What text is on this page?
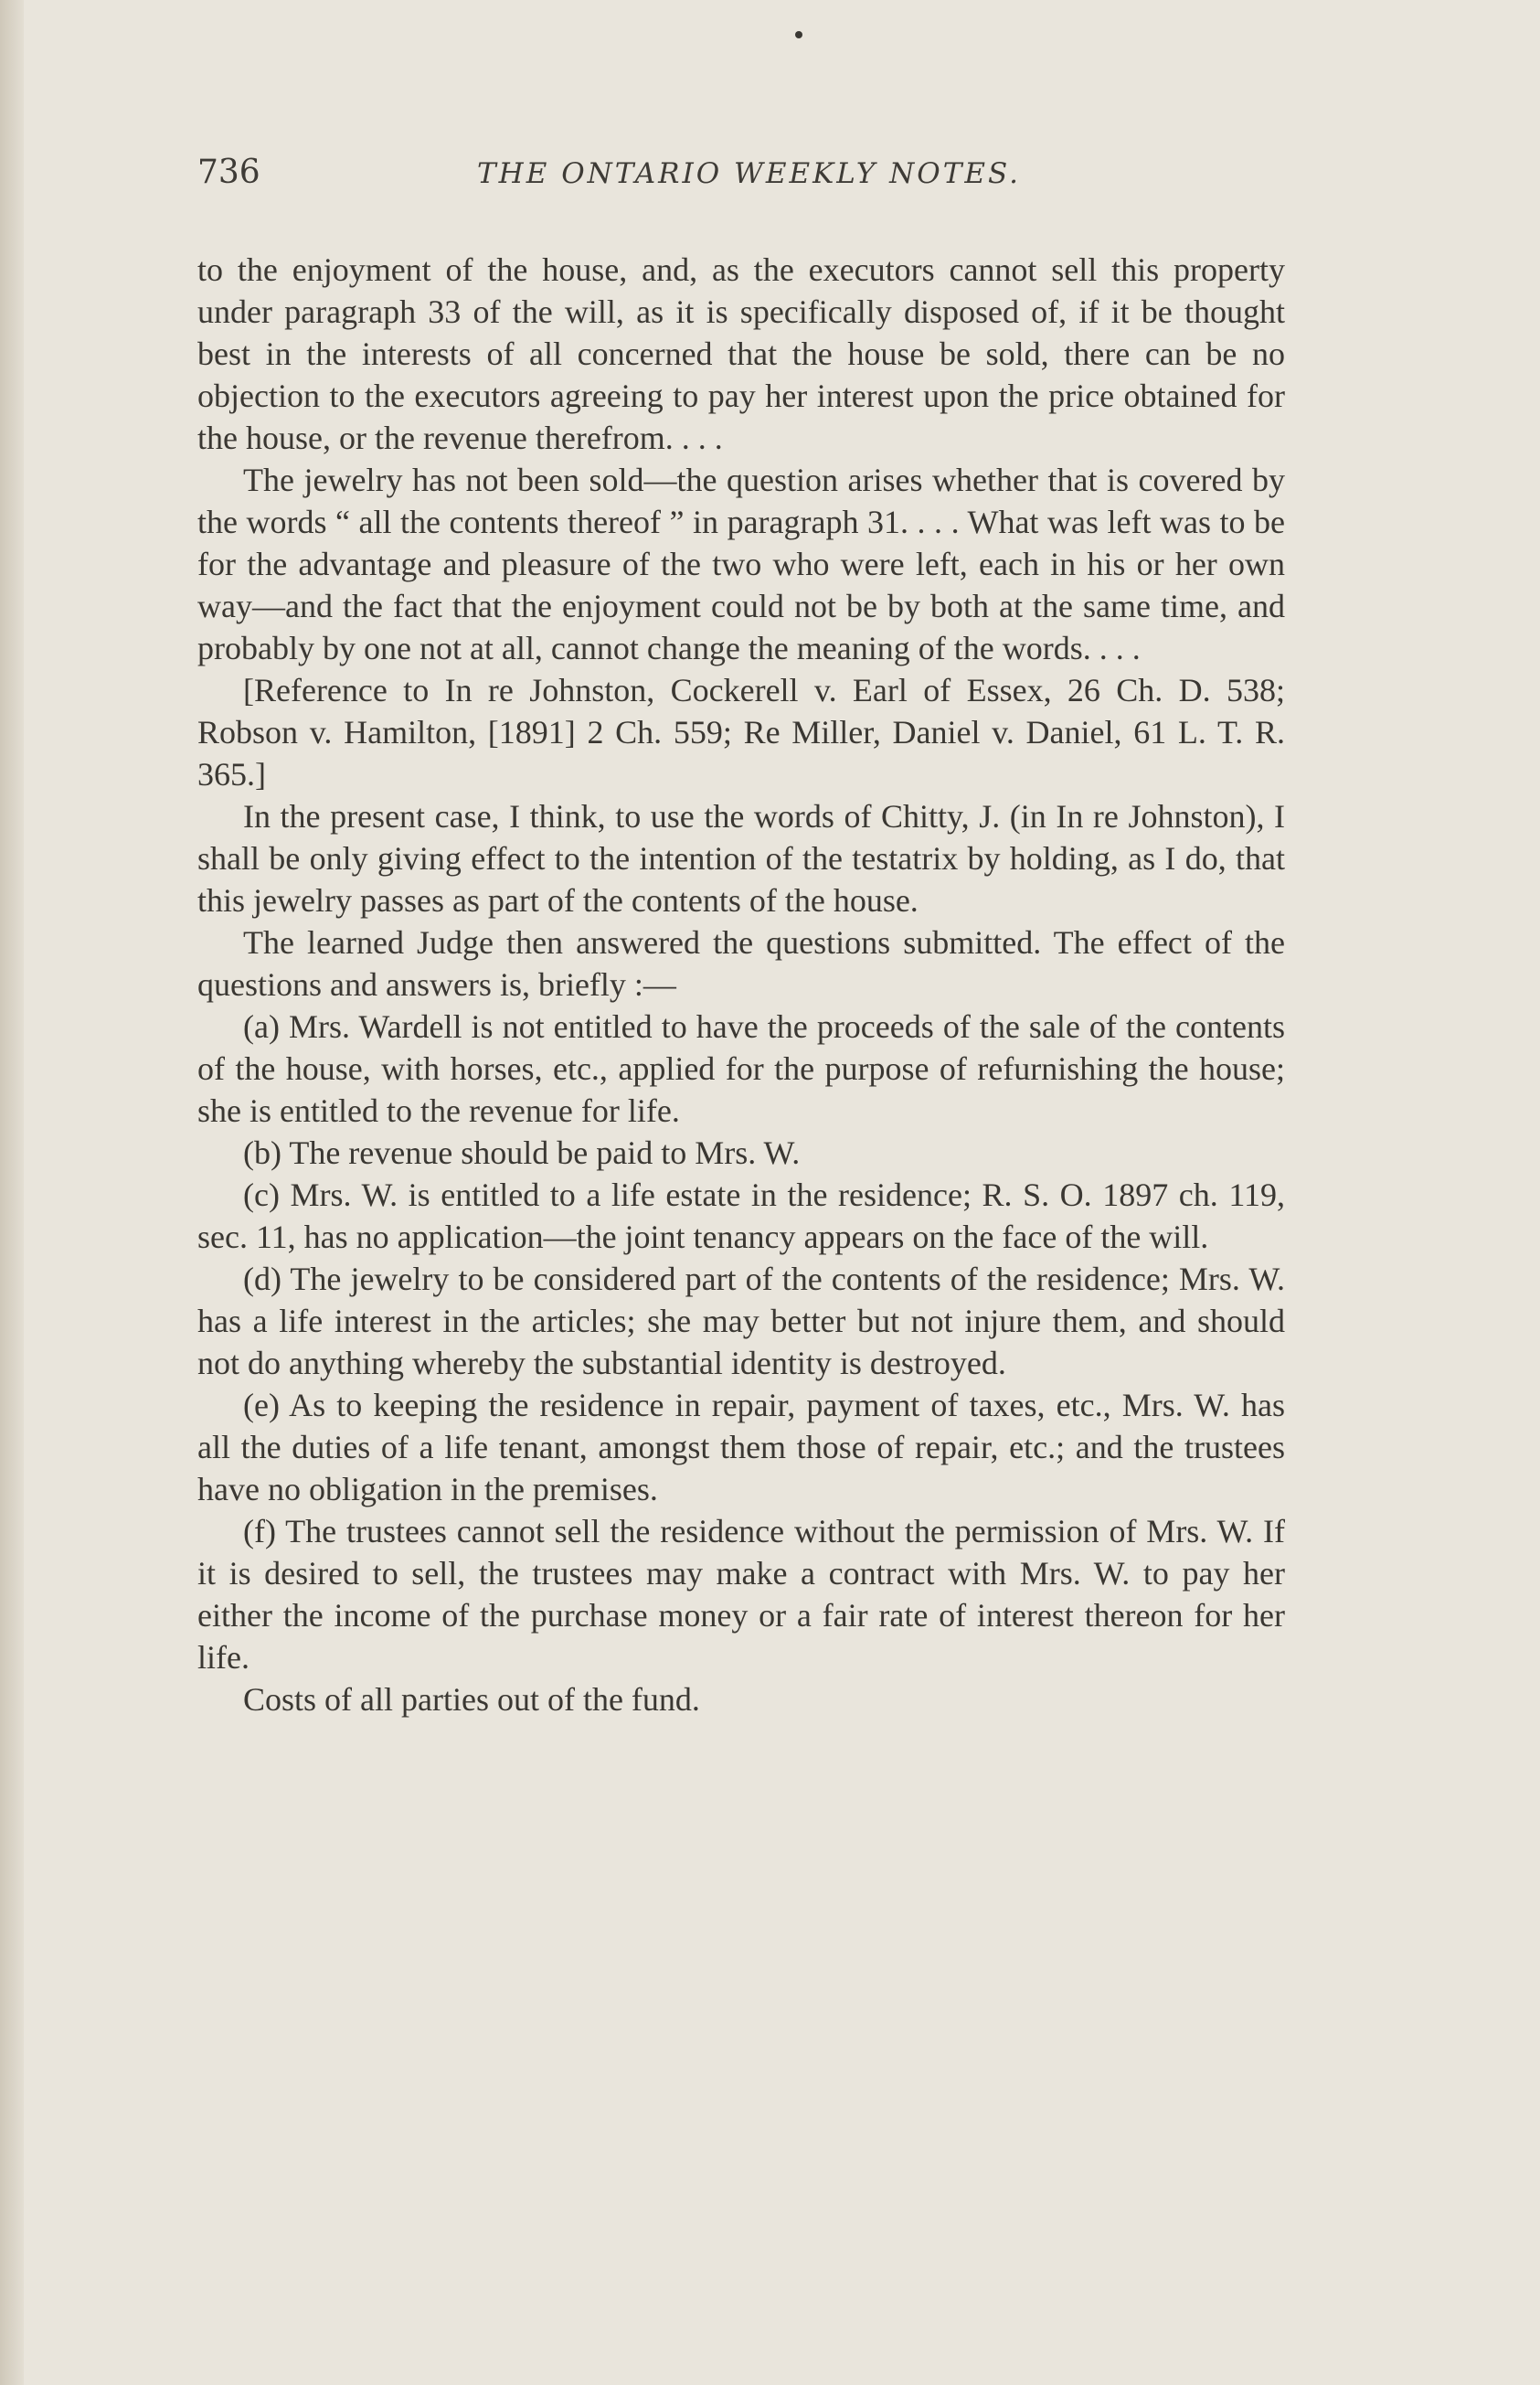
736	THE ONTARIO WEEKLY NOTES.

to the enjoyment of the house, and, as the executors cannot sell this property under paragraph 33 of the will, as it is specifically disposed of, if it be thought best in the interests of all concerned that the house be sold, there can be no objection to the executors agreeing to pay her interest upon the price obtained for the house, or the revenue therefrom. . . .

The jewelry has not been sold—the question arises whether that is covered by the words “ all the contents thereof ” in paragraph 31. . . . What was left was to be for the advantage and pleasure of the two who were left, each in his or her own way—and the fact that the enjoyment could not be by both at the same time, and probably by one not at all, cannot change the meaning of the words. . . .

[Reference to In re Johnston, Cockerell v. Earl of Essex, 26 Ch. D. 538; Robson v. Hamilton, [1891] 2 Ch. 559; Re Miller, Daniel v. Daniel, 61 L. T. R. 365.]

In the present case, I think, to use the words of Chitty, J. (in In re Johnston), I shall be only giving effect to the intention of the testatrix by holding, as I do, that this jewelry passes as part of the contents of the house.

The learned Judge then answered the questions submitted. The effect of the questions and answers is, briefly :—

(a) Mrs. Wardell is not entitled to have the proceeds of the sale of the contents of the house, with horses, etc., applied for the purpose of refurnishing the house; she is entitled to the revenue for life.

(b) The revenue should be paid to Mrs. W.

(c) Mrs. W. is entitled to a life estate in the residence; R. S. O. 1897 ch. 119, sec. 11, has no application—the joint tenancy appears on the face of the will.

(d) The jewelry to be considered part of the contents of the residence; Mrs. W. has a life interest in the articles; she may better but not injure them, and should not do anything whereby the substantial identity is destroyed.

(e) As to keeping the residence in repair, payment of taxes, etc., Mrs. W. has all the duties of a life tenant, amongst them those of repair, etc.; and the trustees have no obligation in the premises.

(f) The trustees cannot sell the residence without the permission of Mrs. W. If it is desired to sell, the trustees may make a contract with Mrs. W. to pay her either the income of the purchase money or a fair rate of interest thereon for her life.

Costs of all parties out of the fund.
